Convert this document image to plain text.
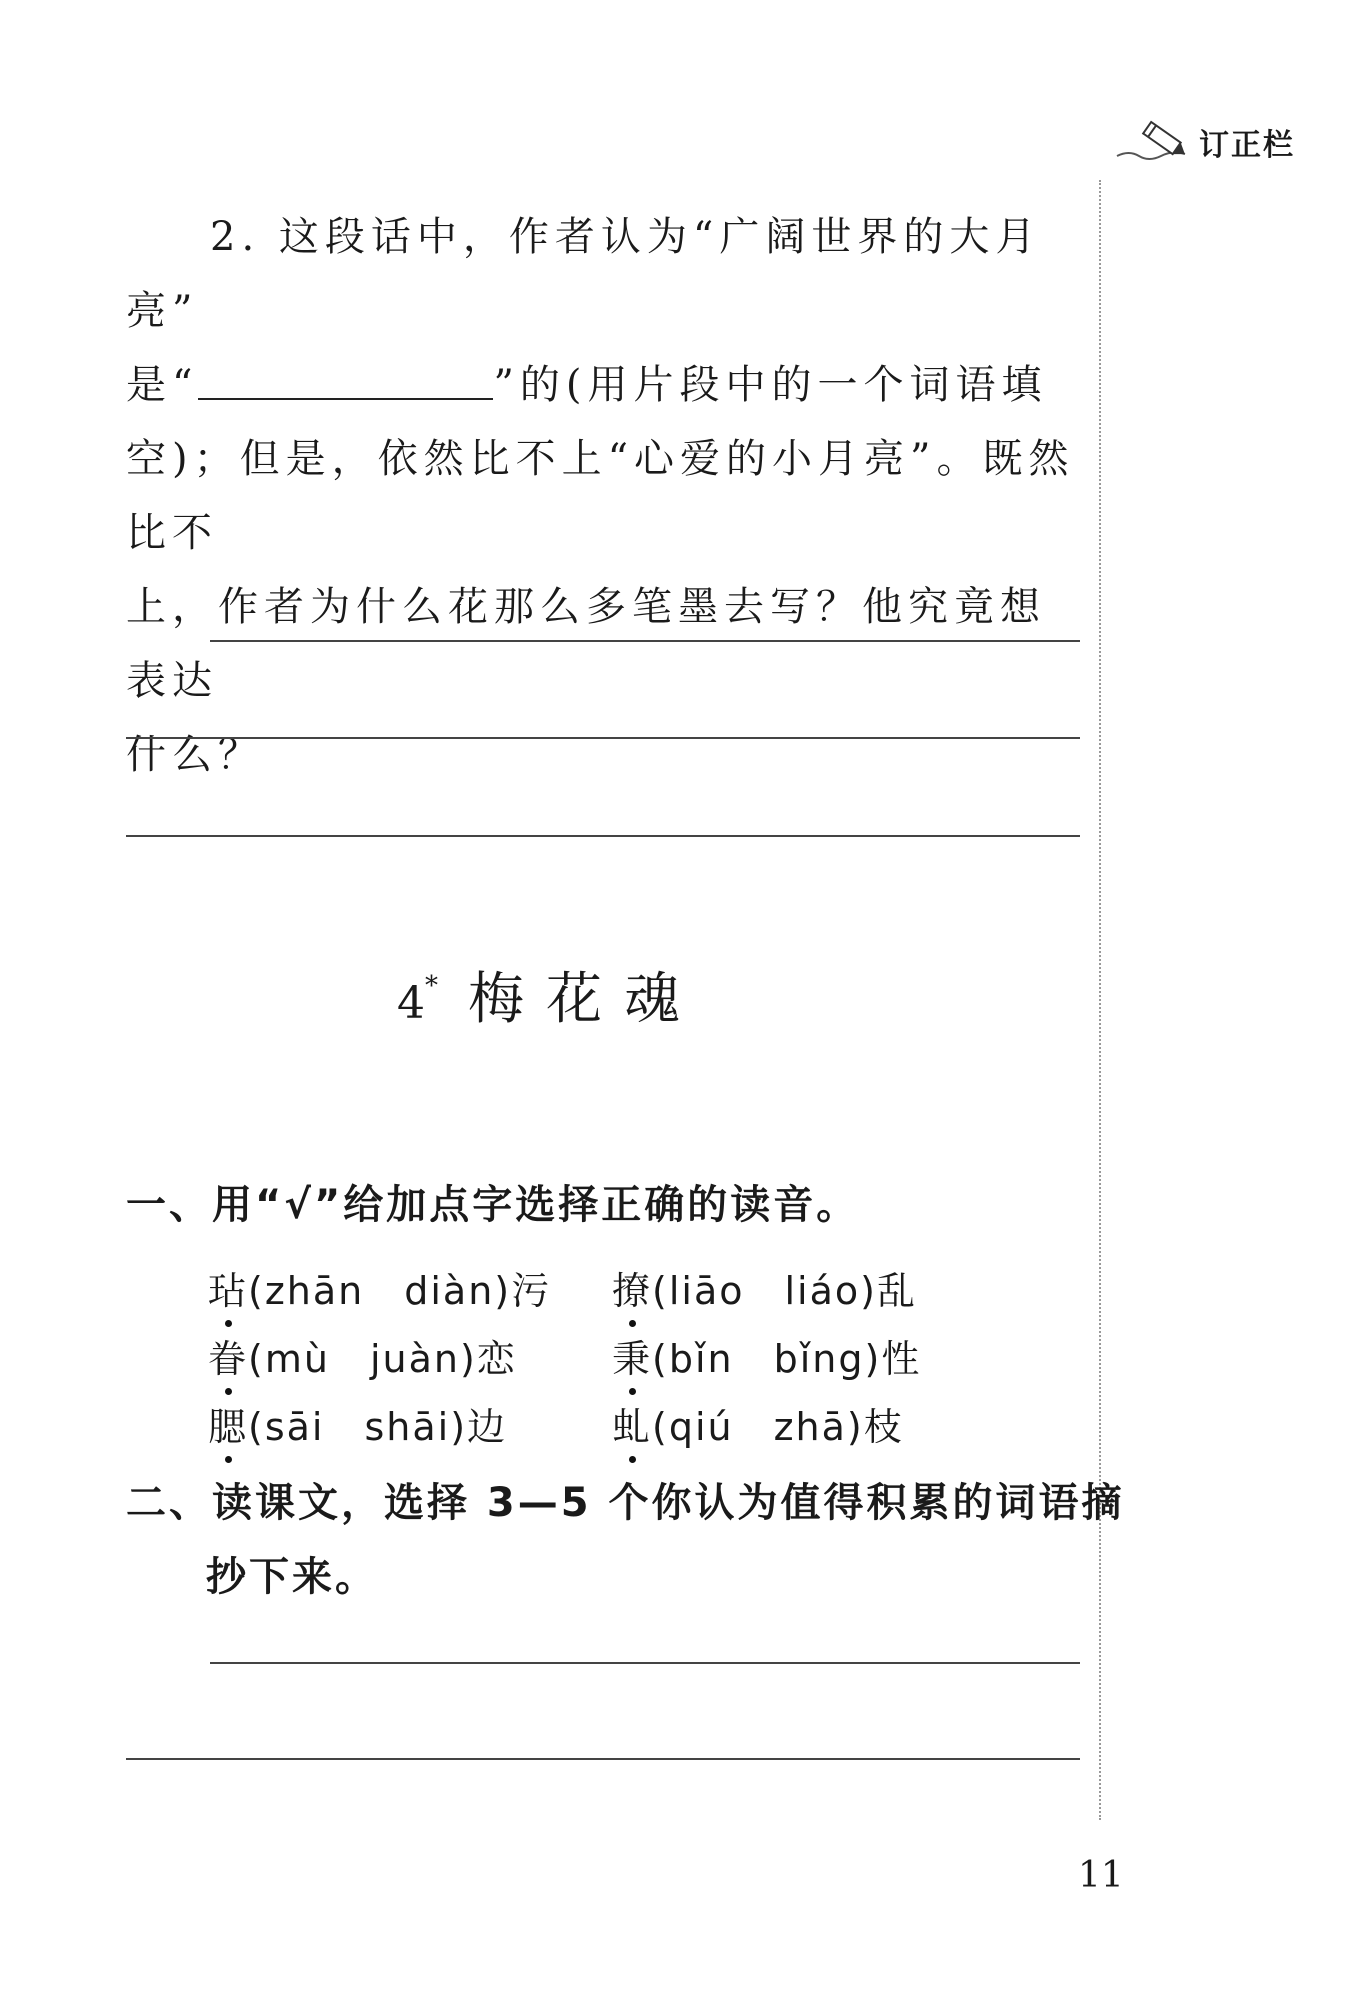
订正栏
2. 这段话中，作者认为“广阔世界的大月亮”
是“	”的(用片段中的一个词语填
空)；但是，依然比不上“心爱的小月亮”。既然比不
上，作者为什么花那么多笔墨去写？他究竟想表达
什么？
4* 梅花魂
一、用“√”给加点字选择正确的读音。
玷(zhān　diàn)污 撩(liāo　liáo)乱
眷(mù　juàn)恋	秉(bǐn　bǐng)性
腮(sāi　shāi)边	虬(qiú　zhā)枝
二、读课文，选择 3—5 个你认为值得积累的词语摘
抄下来。
11
